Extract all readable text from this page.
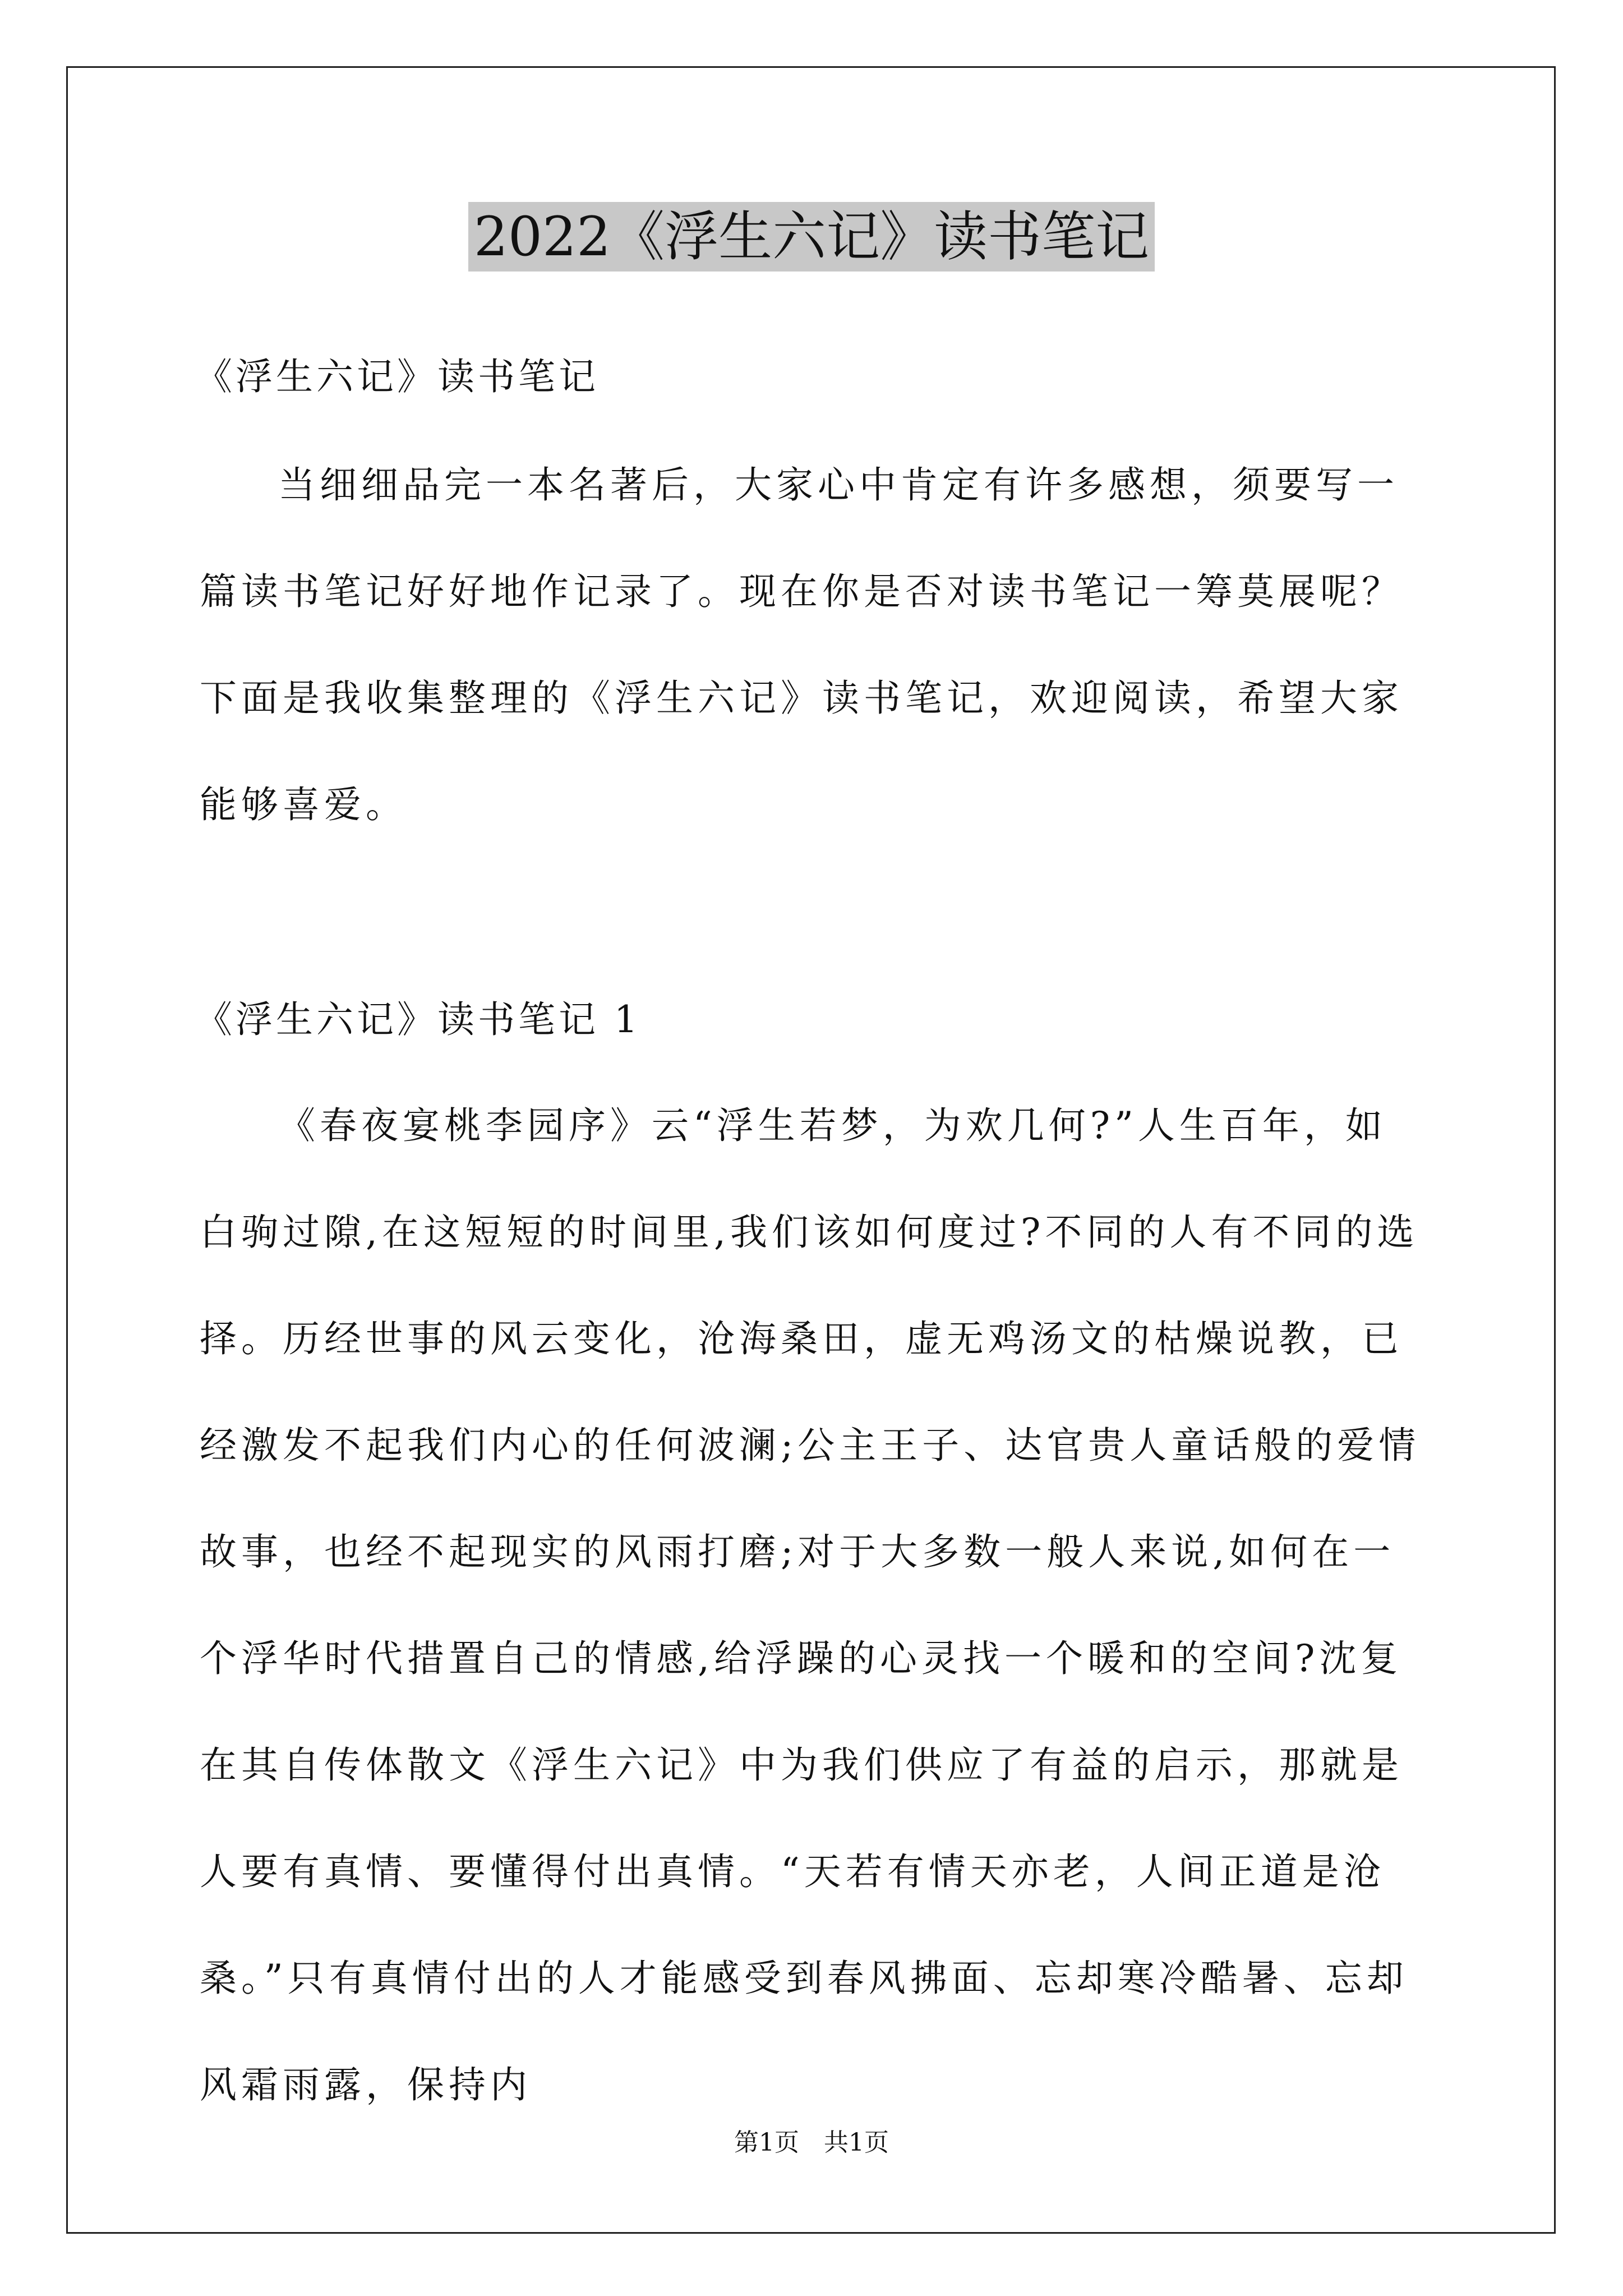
2022《浮生六记》读书笔记

《浮生六记》读书笔记

当细细品完一本名著后，大家心中肯定有许多感想，须要写一篇读书笔记好好地作记录了。现在你是否对读书笔记一筹莫展呢？下面是我收集整理的《浮生六记》读书笔记，欢迎阅读，希望大家能够喜爱。

《浮生六记》读书笔记 1

《春夜宴桃李园序》云“浮生若梦，为欢几何?”人生百年，如白驹过隙,在这短短的时间里,我们该如何度过?不同的人有不同的选择。历经世事的风云变化，沧海桑田，虚无鸡汤文的枯燥说教，已经激发不起我们内心的任何波澜;公主王子、达官贵人童话般的爱情故事，也经不起现实的风雨打磨;对于大多数一般人来说,如何在一个浮华时代措置自己的情感,给浮躁的心灵找一个暖和的空间?沈复在其自传体散文《浮生六记》中为我们供应了有益的启示，那就是人要有真情、要懂得付出真情。“天若有情天亦老，人间正道是沧桑。”只有真情付出的人才能感受到春风拂面、忘却寒冷酷暑、忘却风霜雨露，保持内

第1页　共1页
